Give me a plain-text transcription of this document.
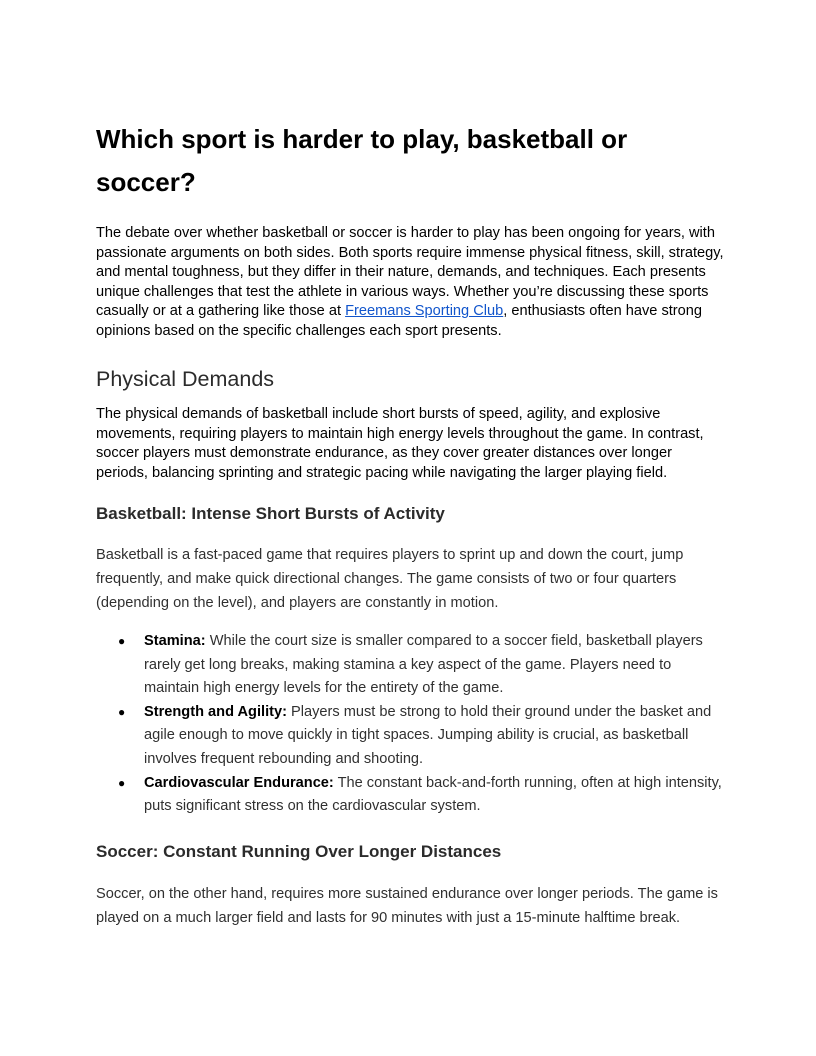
Which sport is harder to play, basketball or soccer?

The debate over whether basketball or soccer is harder to play has been ongoing for years, with passionate arguments on both sides. Both sports require immense physical fitness, skill, strategy, and mental toughness, but they differ in their nature, demands, and techniques. Each presents unique challenges that test the athlete in various ways. Whether you’re discussing these sports casually or at a gathering like those at Freemans Sporting Club, enthusiasts often have strong opinions based on the specific challenges each sport presents.

Physical Demands

The physical demands of basketball include short bursts of speed, agility, and explosive movements, requiring players to maintain high energy levels throughout the game. In contrast, soccer players must demonstrate endurance, as they cover greater distances over longer periods, balancing sprinting and strategic pacing while navigating the larger playing field.

Basketball: Intense Short Bursts of Activity

Basketball is a fast-paced game that requires players to sprint up and down the court, jump frequently, and make quick directional changes. The game consists of two or four quarters (depending on the level), and players are constantly in motion.

● Stamina: While the court size is smaller compared to a soccer field, basketball players rarely get long breaks, making stamina a key aspect of the game. Players need to maintain high energy levels for the entirety of the game.
● Strength and Agility: Players must be strong to hold their ground under the basket and agile enough to move quickly in tight spaces. Jumping ability is crucial, as basketball involves frequent rebounding and shooting.
● Cardiovascular Endurance: The constant back-and-forth running, often at high intensity, puts significant stress on the cardiovascular system.
Soccer: Constant Running Over Longer Distances

Soccer, on the other hand, requires more sustained endurance over longer periods. The game is played on a much larger field and lasts for 90 minutes with just a 15-minute halftime break.
